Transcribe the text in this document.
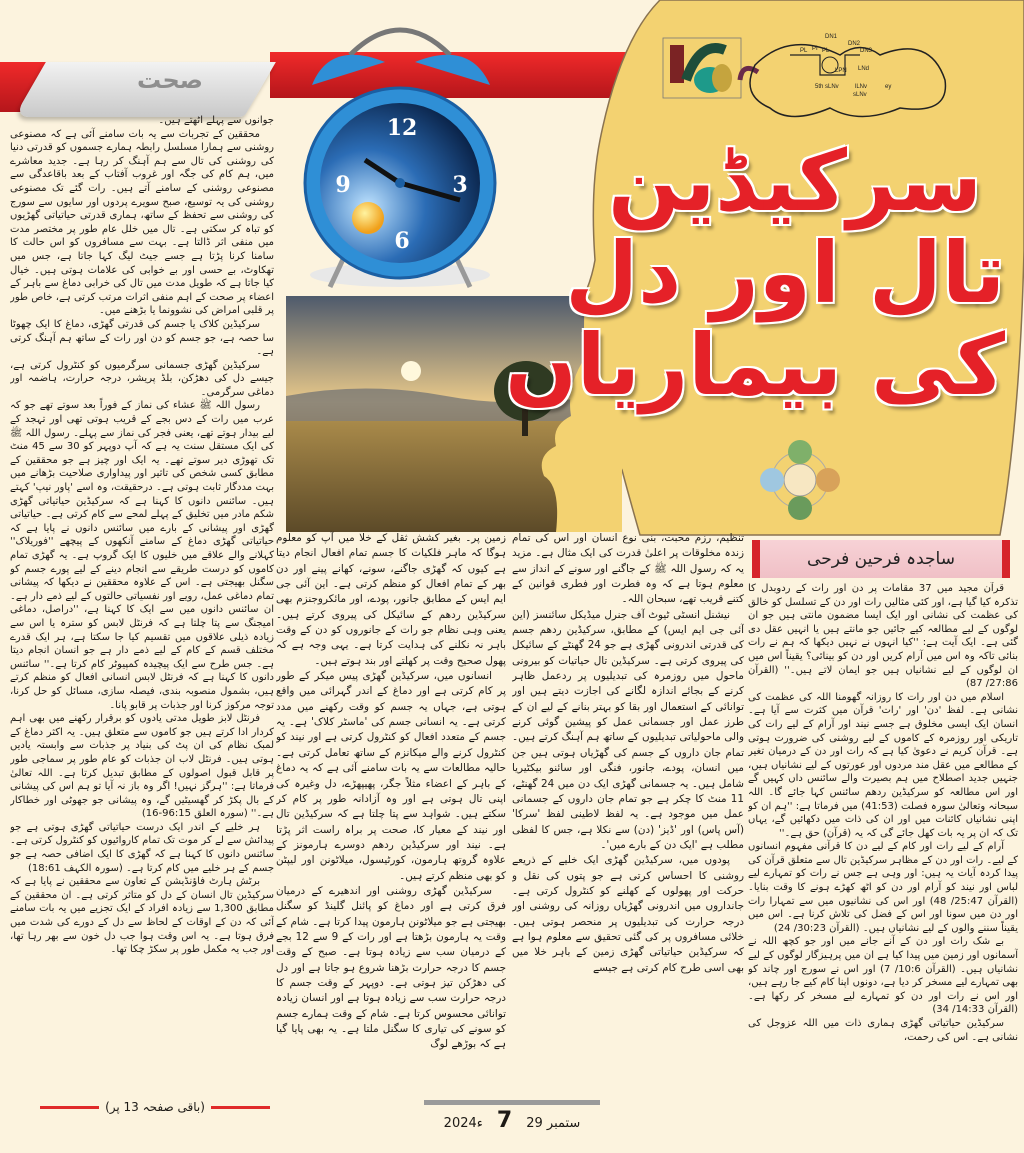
DN1
DN2
DN3
PL PI PL
LPN LNd
5th sLNv	lLNv
sLNv
ey
12
3
6
9
صحت
سرکیڈین
تال اور دل
کی بیماریاں

جوانوں سے پہلے اٹھتے ہیں۔

محققین کے تجربات سے یہ بات سامنے آئی ہے کہ مصنوعی روشنی سے ہمارا مسلسل رابطہ ہمارے جسموں کو قدرتی دنیا کی روشنی کی تال سے ہم آہنگ کر رہا ہے۔ جدید معاشرے میں، ہم کام کی جگہ اور غروب آفتاب کے بعد باقاعدگی سے مصنوعی روشنی کے سامنے آتے ہیں۔ رات گئے تک مصنوعی روشنی کی یہ توسیع، صبح سویرے پردوں اور سایوں سے سورج کی روشنی سے تحفظ کے ساتھ، ہماری قدرتی حیاتیاتی گھڑیوں کو تباہ کر سکتی ہے۔ تال میں خلل عام طور پر مختصر مدت میں منفی اثر ڈالتا ہے۔ بہت سے مسافروں کو اس حالت کا سامنا کرنا پڑتا ہے جسے جیٹ لیگ کہا جاتا ہے، جس میں تھکاوٹ، بے حسی اور بے خوابی کی علامات ہوتی ہیں۔ خیال کیا جاتا ہے کہ طویل مدت میں تال کی خرابی دماغ سے باہر کے اعضاء پر صحت کے اہم منفی اثرات مرتب کرتی ہے، خاص طور پر قلبی امراض کی نشوونما یا بڑھنے میں۔

سرکیڈین کلاک یا جسم کی قدرتی گھڑی، دماغ کا ایک چھوٹا سا حصہ ہے، جو جسم کو دن اور رات کے ساتھ ہم آہنگ کرتی ہے۔

سرکیڈین گھڑی جسمانی سرگرمیوں کو کنٹرول کرتی ہے، جیسے دل کی دھڑکن، بلڈ پریشر، درجہ حرارت، ہاضمہ اور دماغی سرگرمی۔

رسول اللہ ﷺ عشاء کی نماز کے فوراً بعد سوتے تھے جو کہ عرب میں رات کے دس بجے کے قریب ہوتی تھی اور تہجد کے لیے بیدار ہوتے تھے، یعنی فجر کی نماز سے پہلے۔ رسول اللہ ﷺ کی ایک مستقل سنت یہ ہے کہ آپ دوپہر کو 30 سے 45 منٹ تک تھوڑی دیر سوتے تھے۔ یہ ایک اور چیز ہے جو محققین کے مطابق کسی شخص کی تاثیر اور پیداواری صلاحیت بڑھانے میں بہت مددگار ثابت ہوتی ہے۔ درحقیقت، وہ اسے 'پاور نیپ' کہتے ہیں۔ سائنس دانوں کا کہنا ہے کہ سرکیڈین حیاتیاتی گھڑی شکم مادر میں تخلیق کے پہلے لمحے سے کام کرتی ہے۔ حیاتیاتی گھڑی اور پیشانی کے بارے میں سائنس دانوں نے پایا ہے کہ حیاتیاتی گھڑی دماغ کے سامنے آنکھوں کے پیچھے ''فوریلاک'' کہلانے والے علاقے میں خلیوں کا ایک گروپ ہے۔ یہ گھڑی تمام کاموں کو درست طریقے سے انجام دینے کے لیے پورے جسم کو سگنل بھیجتی ہے۔ اس کے علاوہ محققین نے دیکھا کہ پیشانی تمام دماغی عمل، رویے اور نفسیاتی حالتوں کے لیے ذمے دار ہے۔ ان سائنس دانوں میں سے ایک کا کہنا ہے، ''دراصل، دماغی امیجنگ سے پتا چلتا ہے کہ فرنٹل لابس کو سترہ یا اس سے زیادہ ذیلی علاقوں میں تقسیم کیا جا سکتا ہے، ہر ایک قدرے مختلف قسم کے کام کے لیے ذمے دار ہے جو انسان انجام دیتا ہے۔ جس طرح سے ایک پیچیدہ کمپیوٹر کام کرتا ہے۔'' سائنس دانوں کا کہنا ہے کہ فرنٹل لابس انسانی افعال کو منظم کرتے ہیں، بشمول منصوبہ بندی، فیصلہ سازی، مسائل کو حل کرنا، توجہ مرکوز کرنا اور جذبات پر قابو پانا۔

فرنٹل لابز طویل مدتی یادوں کو برقرار رکھنے میں بھی اہم کردار ادا کرتے ہیں جو کاموں سے متعلق ہیں۔ یہ اکثر دماغ کے لمبک نظام کی ان پٹ کی بنیاد پر جذبات سے وابستہ یادیں ہوتی ہیں۔ فرنٹل لاب ان جذبات کو عام طور پر سماجی طور پر قابل قبول اصولوں کے مطابق تبدیل کرتا ہے۔ اللہ تعالیٰ فرماتا ہے: ''ہرگز نہیں! اگر وہ باز نہ آیا تو ہم اس کی پیشانی کے بال پکڑ کر گھسیٹیں گے، وہ پیشانی جو جھوٹی اور خطاکار ہے۔'' (سورہ العلق 96:15-16)

ہر خلیے کے اندر ایک درست حیاتیاتی گھڑی ہوتی ہے جو پیدائش سے لے کر موت تک تمام کاروائیوں کو کنٹرول کرتی ہے۔ سائنس دانوں کا کہنا ہے کہ گھڑی کا ایک اضافی حصہ ہے جو جسم کے ہر خلیے میں کام کرتا ہے۔ (سورہ الکہف 18:61)

برٹش ہارٹ فاؤنڈیشن کے تعاون سے محققین نے پایا ہے کہ سرکیڈین تال انسان کے دل کو متاثر کرتی ہے۔ ان محققین کے مطابق 1,300 سے زیادہ افراد کے ایک تجزیے میں یہ بات سامنے آئی کہ دن کے اوقات کے لحاظ سے دل کے دورے کی شدت میں فرق ہوتا ہے۔ یہ اس وقت ہوا جب دل خون سے بھر رہا تھا، اور جب یہ مکمل طور پر سکڑ چکا تھا۔

زمین پر۔ بغیر کشش ثقل کے خلا میں آپ کو معلوم ہوگا کہ ماہر فلکیات کا جسم تمام افعال انجام دیتا ہے کیوں کہ گھڑی جاگنے، سونے، کھانے پینے اور دن بھر کے تمام افعال کو منظم کرتی ہے۔ این آئی جی ایم ایس کے مطابق جانور، پودے، اور مائکروجنزم بھی سرکیڈین ردھم کے سائیکل کی پیروی کرتے ہیں۔ یعنی وہی نظام جو رات کے جانوروں کو دن کے وقت باہر نہ نکلنے کی ہدایت کرتا ہے۔ یہی وجہ ہے کہ پھول صحیح وقت پر کھلتے اور بند ہوتے ہیں۔

انسانوں میں، سرکیڈین گھڑی پیس میکر کے طور پر کام کرتی ہے اور دماغ کے اندر گہرائی میں واقع ہوتی ہے، جہاں یہ جسم کو وقت رکھنے میں مدد کرتی ہے۔ یہ انسانی جسم کی 'ماسٹر کلاک' ہے۔ یہ جسم کے متعدد افعال کو کنٹرول کرتی ہے اور نیند کو کنٹرول کرنے والے میکانزم کے ساتھ تعامل کرتی ہے۔ حالیہ مطالعات سے یہ بات سامنے آئی ہے کہ یہ دماغ کے باہر کے اعضاء مثلاً جگر، پھیپھڑے، دل وغیرہ کی اپنی تال ہوتی ہے اور وہ آزادانہ طور پر کام کر سکتے ہیں۔ شواہد سے پتا چلتا ہے کہ سرکیڈین تال اور نیند کے معیار کا، صحت پر براہ راست اثر پڑتا ہے۔ نیند اور سرکیڈین ردھم دوسرے ہارمونز کے علاوہ گروتھ ہارمون، کورٹیسول، میلاٹونن اور لیپٹن کو بھی منظم کرتے ہیں۔

سرکیڈین گھڑی روشنی اور اندھیرے کے درمیان فرق کرتی ہے اور دماغ کو پائنل گلینڈ کو سگنل بھیجتی ہے جو میلاٹونن ہارمون پیدا کرتا ہے۔ شام کے وقت یہ ہارمون بڑھتا ہے اور رات کے 9 سے 12 بجے کے درمیان سب سے زیادہ ہوتا ہے۔ صبح کے وقت جسم کا درجہ حرارت بڑھنا شروع ہو جاتا ہے اور دل کی دھڑکن تیز ہوتی ہے۔ دوپہر کے وقت جسم کا درجہ حرارت سب سے زیادہ ہوتا ہے اور انسان زیادہ توانائی محسوس کرتا ہے۔ شام کے وقت ہمارے جسم کو سونے کی تیاری کا سگنل ملتا ہے۔ یہ بھی پایا گیا ہے کہ بوڑھے لوگ

تنظیم، رزم محبت، بنی نوع انسان اور اس کی تمام زندہ مخلوقات پر اعلیٰ قدرت کی ایک مثال ہے۔ مزید یہ کہ رسول اللہ ﷺ کے جاگنے اور سونے کے انداز سے معلوم ہوتا ہے کہ وہ فطرت اور فطری قوانین کے کتنے قریب تھے، سبحان اللہ۔

نیشنل انسٹی ٹیوٹ آف جنرل میڈیکل سائنسز (این آئی جی ایم ایس) کے مطابق، سرکیڈین ردھم جسم کی قدرتی اندرونی گھڑی ہے جو 24 گھنٹے کے سائیکل کی پیروی کرتی ہے۔ سرکیڈین تال حیاتیات کو بیرونی ماحول میں روزمرہ کی تبدیلیوں پر ردعمل ظاہر کرنے کے بجائے اندازہ لگانے کی اجازت دیتے ہیں اور توانائی کے استعمال اور بقا کو بہتر بنانے کے لیے ان کے طرز عمل اور جسمانی عمل کو پیشین گوئی کرنے والی ماحولیاتی تبدیلیوں کے ساتھ ہم آہنگ کرتے ہیں۔ تمام جان داروں کے جسم کی گھڑیاں ہوتی ہیں جن میں انسان، پودے، جانور، فنگی اور سائنو بیکٹیریا شامل ہیں۔ یہ جسمانی گھڑی ایک دن میں 24 گھنٹے، 11 منٹ کا چکر ہے جو تمام جان داروں کے جسمانی عمل میں موجود ہے۔ یہ لفظ لاطینی لفظ 'سرکا' (آس پاس) اور 'ڈیز' (دن) سے نکلا ہے، جس کا لفظی مطلب ہے 'ایک دن کے بارے میں'۔

پودوں میں، سرکیڈین گھڑی ایک خلیے کے ذریعے روشنی کا احساس کرتی ہے جو پتوں کی نقل و حرکت اور پھولوں کے کھلنے کو کنٹرول کرتی ہے۔ جانداروں میں اندرونی گھڑیاں روزانہ کی روشنی اور درجہ حرارت کی تبدیلیوں پر منحصر ہوتی ہیں۔ خلائی مسافروں پر کی گئی تحقیق سے معلوم ہوا ہے کہ سرکیڈین حیاتیاتی گھڑی زمین کے باہر خلا میں بھی اسی طرح کام کرتی ہے جیسے

ساجدہ فرحین فرحی

قرآن مجید میں 37 مقامات پر دن اور رات کے ردوبدل کا تذکرہ کیا گیا ہے، اور کئی مثالیں رات اور دن کے تسلسل کو خالق کی عظمت کی نشانی اور ایک ایسا مضمون مانتی ہیں جو ان لوگوں کے لیے مطالعہ کیے جائیں جو مانتے ہیں یا انہیں عقل دی گئی ہے۔ ایک آیت ہے: ''کیا انہوں نے نہیں دیکھا کہ ہم نے رات بنائی تاکہ وہ اس میں آرام کریں اور دن کو بینائی؟ یقیناً اس میں ان لوگوں کے لیے نشانیاں ہیں جو ایمان لاتے ہیں۔'' (القرآن 27:86/ 87)

اسلام میں دن اور رات کا روزانہ گھومنا اللہ کی عظمت کی نشانی ہے۔ لفظ 'دن' اور 'رات' قرآن میں کثرت سے آیا ہے۔ انسان ایک ایسی مخلوق ہے جسے نیند اور آرام کے لیے رات کی تاریکی اور روزمرہ کے کاموں کے لیے روشنی کی ضرورت ہوتی ہے۔ قرآن کریم نے دعویٰ کیا ہے کہ رات اور دن کے درمیان تغیر کے مطالعے میں عقل مند مردوں اور عورتوں کے لیے نشانیاں ہیں، جنہیں جدید اصطلاح میں ہم بصیرت والے سائنس داں کہیں گے اور اس مطالعہ کو سرکیڈین ردھم سائنس کہا جائے گا۔ اللہ سبحانہ وتعالیٰ سورہ فصلت (41:53) میں فرماتا ہے: ''ہم ان کو اپنی نشانیاں کائنات میں اور ان کی ذات میں دکھائیں گے، یہاں تک کہ ان پر یہ بات کھل جائے گی کہ یہ (قرآن) حق ہے۔''

آرام کے لیے رات اور کام کے لیے دن کا قرآنی مفہوم انسانوں کے لیے۔ رات اور دن کے مظاہر سرکیڈین تال سے متعلق قرآن کی پیدا کردہ آیات یہ ہیں: اور وہی ہے جس نے رات کو تمہارے لیے لباس اور نیند کو آرام اور دن کو اٹھ کھڑے ہونے کا وقت بنایا۔ (القرآن 25:47/ 48) اور اس کی نشانیوں میں سے تمہارا رات اور دن میں سونا اور اس کے فضل کی تلاش کرنا ہے۔ اس میں یقیناً سننے والوں کے لیے نشانیاں ہیں۔ (القرآن 30:23/ 24)

بے شک رات اور دن کے آنے جانے میں اور جو کچھ اللہ نے آسمانوں اور زمین میں پیدا کیا ہے ان میں پرہیزگار لوگوں کے لیے نشانیاں ہیں۔ (القرآن 10:6/ 7) اور اس نے سورج اور چاند کو بھی تمہارے لیے مسخر کر دیا ہے، دونوں اپنا کام کیے جا رہے ہیں، اور اس نے رات اور دن کو تمہارے لیے مسخر کر رکھا ہے۔ (القرآن 14:33/ 34)

سرکیڈین حیاتیاتی گھڑی ہماری ذات میں اللہ عزوجل کی نشانی ہے۔ اس کی رحمت،

(باقی صفحہ 13 پر)
2024ء 7 29 ستمبر
